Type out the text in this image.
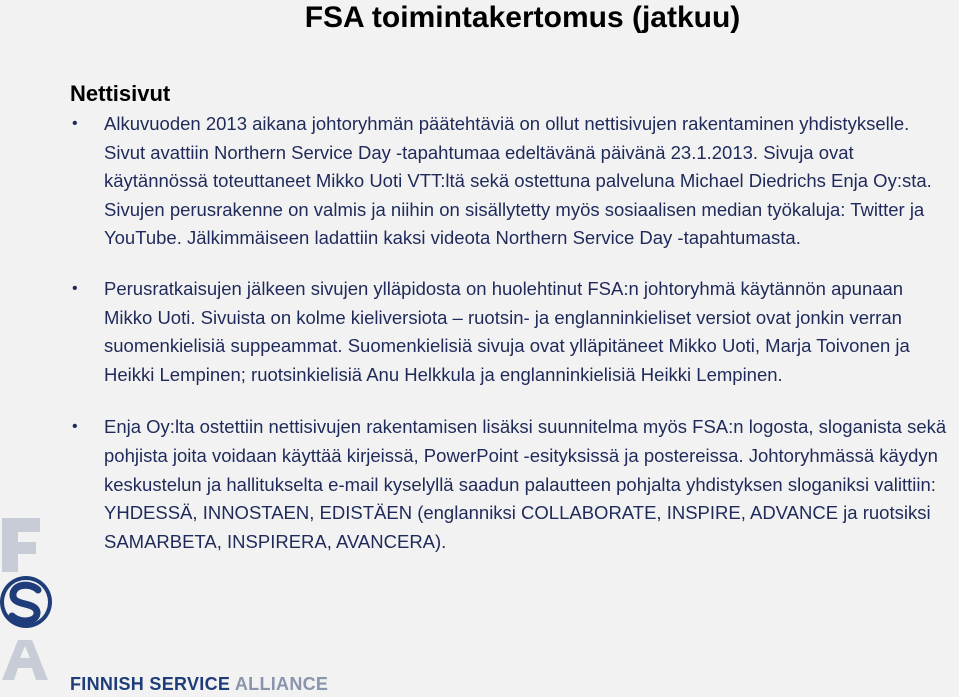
FSA toimintakertomus (jatkuu)
Nettisivut
• Alkuvuoden 2013 aikana johtoryhmän päätehtäviä on ollut nettisivujen rakentaminen yhdistykselle. Sivut avattiin Northern Service Day -tapahtumaa edeltävänä päivänä 23.1.2013. Sivuja ovat käytännössä toteuttaneet Mikko Uoti VTT:ltä sekä ostettuna palveluna Michael Diedrichs Enja Oy:sta. Sivujen perusrakenne on valmis ja niihin on sisällytetty myös sosiaalisen median työkaluja: Twitter ja YouTube. Jälkimmäiseen ladattiin kaksi videota Northern Service Day -tapahtumasta.
• Perusratkaisujen jälkeen sivujen ylläpidosta on huolehtinut FSA:n johtoryhmä käytännön apunaan Mikko Uoti. Sivuista on kolme kieliversiota – ruotsin- ja englanninkieliset versiot ovat jonkin verran suomenkielisiä suppeammat. Suomenkielisiä sivuja ovat ylläpitäneet Mikko Uoti, Marja Toivonen ja Heikki Lempinen; ruotsinkielisiä Anu Helkkula ja englanninkielisiä Heikki Lempinen.
• Enja Oy:lta ostettiin nettisivujen rakentamisen lisäksi suunnitelma myös FSA:n logosta, sloganista sekä pohjista joita voidaan käyttää kirjeissä, PowerPoint -esityksissä ja postereissa. Johtoryhmässä käydyn keskustelun ja hallitukselta e-mail kyselyllä saadun palautteen pohjalta yhdistyksen sloganiksi valittiin: YHDESSÄ, INNOSTAEN, EDISTÄEN (englanniksi COLLABORATE, INSPIRE, ADVANCE ja ruotsiksi SAMARBETA, INSPIRERA, AVANCERA).
FINNISH SERVICE ALLIANCE
